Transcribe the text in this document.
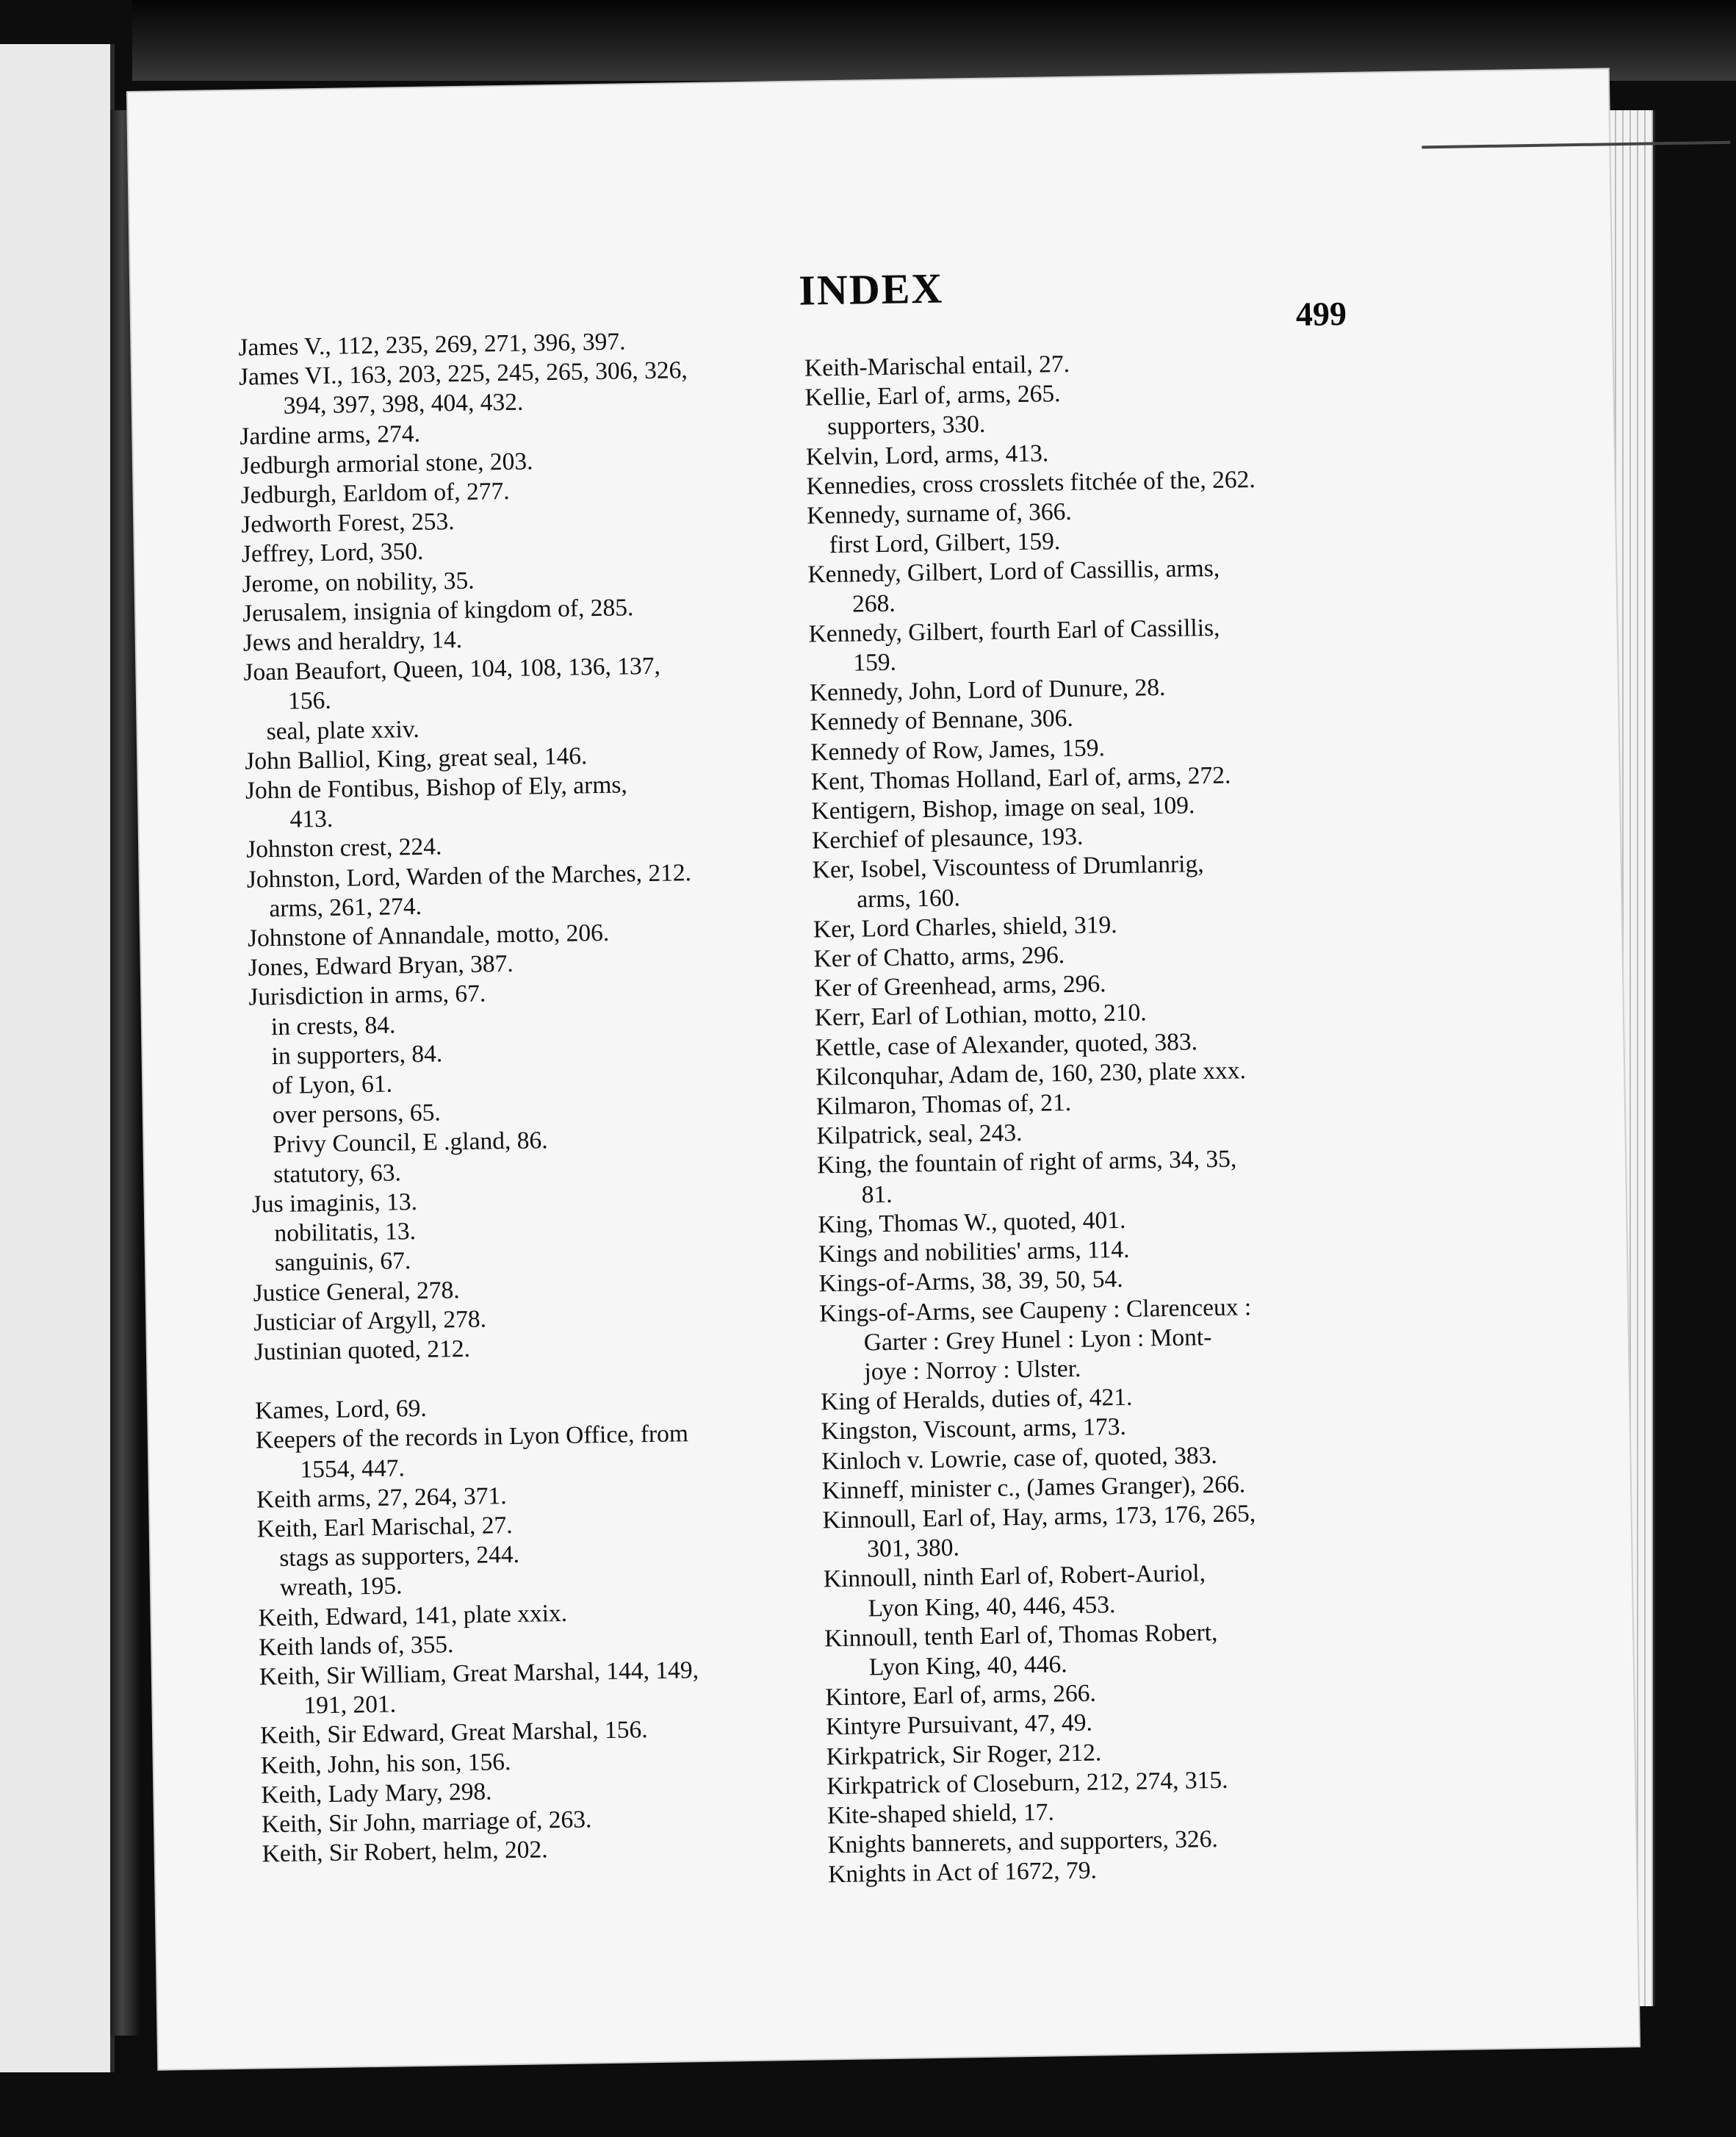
INDEX	499
James V., 112, 235, 269, 271, 396, 397.
James VI., 163, 203, 225, 245, 265, 306, 326,
394, 397, 398, 404, 432.
Jardine arms, 274.
Jedburgh armorial stone, 203.
Jedburgh, Earldom of, 277.
Jedworth Forest, 253.
Jeffrey, Lord, 350.
Jerome, on nobility, 35.
Jerusalem, insignia of kingdom of, 285.
Jews and heraldry, 14.
Joan Beaufort, Queen, 104, 108, 136, 137,
156.
seal, plate xxiv.
John Balliol, King, great seal, 146.
John de Fontibus, Bishop of Ely, arms,
413.
Johnston crest, 224.
Johnston, Lord, Warden of the Marches, 212.
arms, 261, 274.
Johnstone of Annandale, motto, 206.
Jones, Edward Bryan, 387.
Jurisdiction in arms, 67.
in crests, 84.
in supporters, 84.
of Lyon, 61.
over persons, 65.
Privy Council, E .gland, 86.
statutory, 63.
Jus imaginis, 13.
nobilitatis, 13.
sanguinis, 67.
Justice General, 278.
Justiciar of Argyll, 278.
Justinian quoted, 212.
Kames, Lord, 69.
Keepers of the records in Lyon Office, from
1554, 447.
Keith arms, 27, 264, 371.
Keith, Earl Marischal, 27.
stags as supporters, 244.
wreath, 195.
Keith, Edward, 141, plate xxix.
Keith lands of, 355.
Keith, Sir William, Great Marshal, 144, 149,
191, 201.
Keith, Sir Edward, Great Marshal, 156.
Keith, John, his son, 156.
Keith, Lady Mary, 298.
Keith, Sir John, marriage of, 263.
Keith, Sir Robert, helm, 202.
Keith-Marischal entail, 27.
Kellie, Earl of, arms, 265.
supporters, 330.
Kelvin, Lord, arms, 413.
Kennedies, cross crosslets fitchée of the, 262.
Kennedy, surname of, 366.
first Lord, Gilbert, 159.
Kennedy, Gilbert, Lord of Cassillis, arms,
268.
Kennedy, Gilbert, fourth Earl of Cassillis,
159.
Kennedy, John, Lord of Dunure, 28.
Kennedy of Bennane, 306.
Kennedy of Row, James, 159.
Kent, Thomas Holland, Earl of, arms, 272.
Kentigern, Bishop, image on seal, 109.
Kerchief of plesaunce, 193.
Ker, Isobel, Viscountess of Drumlanrig,
arms, 160.
Ker, Lord Charles, shield, 319.
Ker of Chatto, arms, 296.
Ker of Greenhead, arms, 296.
Kerr, Earl of Lothian, motto, 210.
Kettle, case of Alexander, quoted, 383.
Kilconquhar, Adam de, 160, 230, plate xxx.
Kilmaron, Thomas of, 21.
Kilpatrick, seal, 243.
King, the fountain of right of arms, 34, 35,
81.
King, Thomas W., quoted, 401.
Kings and nobilities' arms, 114.
Kings-of-Arms, 38, 39, 50, 54.
Kings-of-Arms, see Caupeny : Clarenceux :
Garter : Grey Hunel : Lyon : Mont-
joye : Norroy : Ulster.
King of Heralds, duties of, 421.
Kingston, Viscount, arms, 173.
Kinloch v. Lowrie, case of, quoted, 383.
Kinneff, minister c., (James Granger), 266.
Kinnoull, Earl of, Hay, arms, 173, 176, 265,
301, 380.
Kinnoull, ninth Earl of, Robert-Auriol,
Lyon King, 40, 446, 453.
Kinnoull, tenth Earl of, Thomas Robert,
Lyon King, 40, 446.
Kintore, Earl of, arms, 266.
Kintyre Pursuivant, 47, 49.
Kirkpatrick, Sir Roger, 212.
Kirkpatrick of Closeburn, 212, 274, 315.
Kite-shaped shield, 17.
Knights bannerets, and supporters, 326.
Knights in Act of 1672, 79.
